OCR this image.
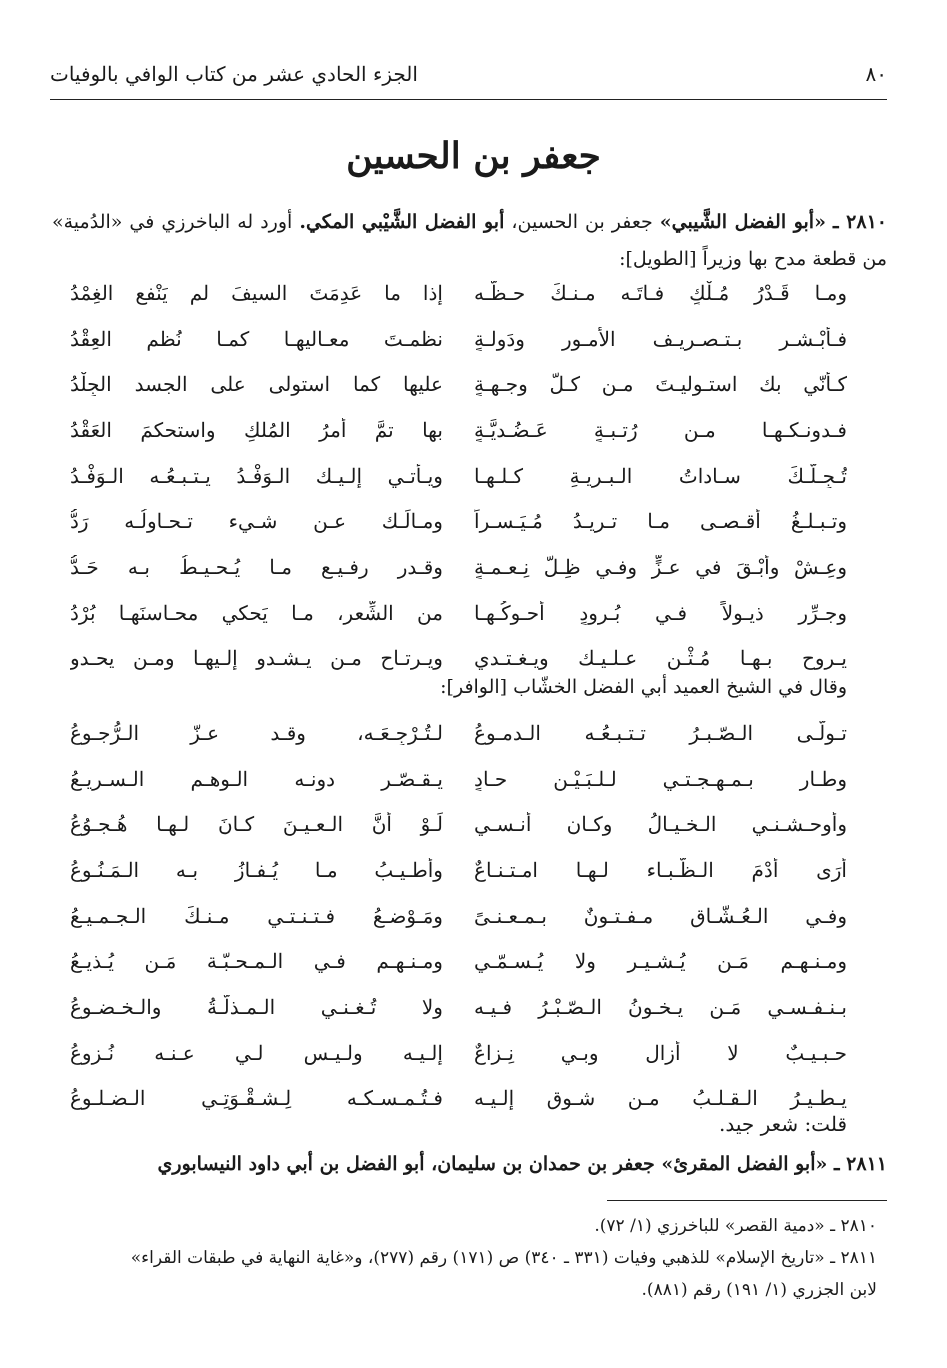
٨٠
الجزء الحادي عشر من كتاب الوافي بالوفيات
جعفر بن الحسين
٢٨١٠ ـ «أبو الفضل الشَّيبي» جعفر بن الحسين، أبو الفضل الشَّيْبي المكي. أورد له الباخرزي في «الدُمية» من قطعة مدح بها وزيراً [الطويل]:
ومـا قَـدْرُ مُـلْكٍ فـاتَـه مـنـكَ حـظُّـه
إذا ما عَدِمَتَ السيفَ لم يَنْفعِ الغِمْدُ
فـأبْـشـر بـتـصـريـف الأمـور ودَولـةٍ
نظمـتَ معـاليهـا كمـا نُظم العِقْدُ
كـأنّي بك استـوليـتَ مـن كـلّ وِجـهـةٍ
عليها كما استولى على الجسد الجِلْدُ
فـدونـكـهـا مـن رُتـبـةٍ عَـضُـديَّـةٍ
بها تمَّ أمرُ المُلكِ واستحكمَ العَقْدُ
تُـجِـلُّـكَ سـاداتُ الـبـريـةِ كـلـهـا
ويـأتـي إلـيـك الـوَفْـدُ يـتـبـعُـه الـوَفْـدُ
وتـبـلـغُ أقـصـى مـا تـريـدُ مُـيَـسـراً
ومـالَـك عـن شـيء تـحـاولُـه رَدُّ
وعِـشْ وأبْـقَ في عـزٍّ وفـي ظِـلّ نِـعـمـةٍ
وقـدرٍ رفـيـعٍ مـا يُـحـيـطُ بـه حَـدُّ
وجـرِّر ذيـولاً فـي بُـرودٍ أحـوكُـهـا
من الشِّعر، مـا يَحكي محـاسنَهـا بُرْدُ
يـروح بـهـا مُـثْـنٍ عـلـيـك ويـغـتـدي
ويـرتـاح مـن يـشـدو إلـيهـا ومـن يحـدو
وقال في الشيخ العميد أبي الفضل الخشّاب [الوافر]:
تـولّـى الـصّـبـرُ تـتـبـعُـه الـدمـوعُ
لـتُـرْجِـعَـه، وقـد عـزّ الـرُّجـوعُ
وطـار بـمـهـجـتـي لـلـبَـيْـن حـادٍ
يـقـصّـر دونـه الـوهـم الـسـريـعُ
وأوحـشـنـي الـخـيـالُ وكـان أُنـسـي
لَـوْ أنَّ الـعـيـنَ كـانَ لـهـا هُـجـوُعُ
أرَى أُدْمَ الـظّـبـاء لـهـا امـتـنـاعٌ
وأطـيـبُ مـا يُـفـازُ بـه الـمَـنُـوعُ
وفـي الـعُـشّـاق مـفـتـونٌ بـمـعـنـىً
ومَـوْضـعُ فـتـنـتـي مـنـكَ الـجـمـيـعُ
ومـنـهـم مَـن يُـشـيـر ولا يُـسـمّـي
ومـنـهـم فـي الـمـحـبّـة مَـن يُـذيـعُ
بـنـفـسـي مَـن يـخـونُ الـصّـبْـرُ فـيـه
ولا تُـغـنـي الـمـذلّـةُ والـخـضـوعُ
حـبـيـبٌ لا أزال وبـي نِـزاعٌ
إلـيـه ولـيـس لـي عـنـه نُـزوعُ
يـطـيـرُ الـقـلـبُ مـن شـوقٍ إلـيـه
فـتُـمـسـكـه لِـشـقْـوَتِـي الـضـلـوعُ
قلت: شعر جيد.
٢٨١١ ـ «أبو الفضل المقرئ» جعفر بن حمدان بن سليمان، أبو الفضل بن أبي داود النيسابوري

٢٨١٠ ـ «دمية القصر» للباخرزي (١/ ٧٢).

٢٨١١ ـ «تاريخ الإسلام» للذهبي وفيات (٣٣١ ـ ٣٤٠) ص (١٧١) رقم (٢٧٧)، و«غاية النهاية في طبقات القراء»

لابن الجزري (١/ ١٩١) رقم (٨٨١).
